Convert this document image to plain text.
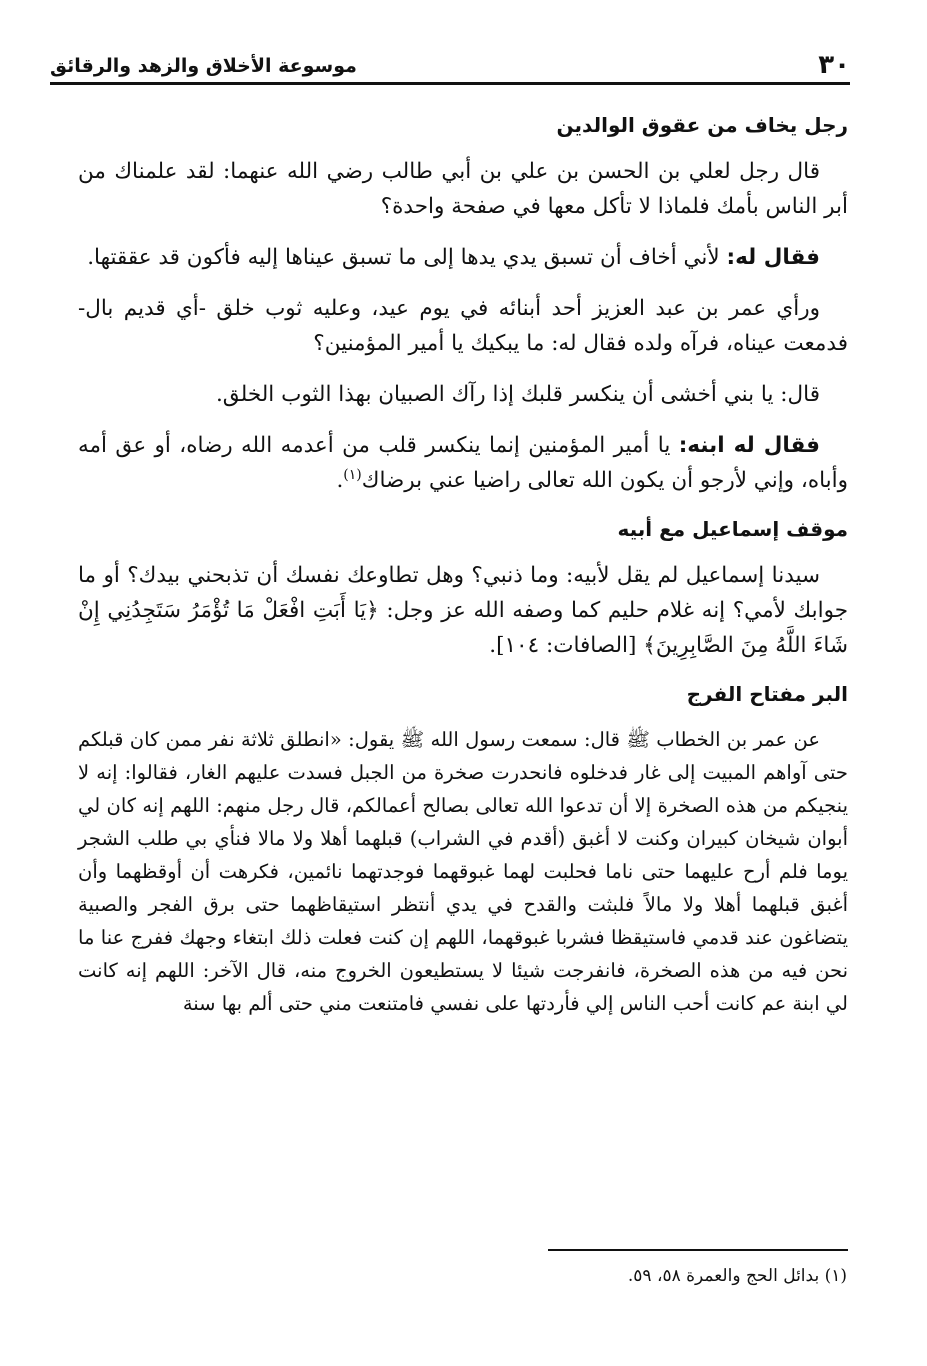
٣٠
موسوعة الأخلاق والزهد والرقائق
رجل يخاف من عقوق الوالدين

قال رجل لعلي بن الحسن بن علي بن أبي طالب رضي الله عنهما: لقد علمناك من أبر الناس بأمك فلماذا لا تأكل معها في صفحة واحدة؟

فقال له: لأني أخاف أن تسبق يدي يدها إلى ما تسبق عيناها إليه فأكون قد عققتها.

ورأي عمر بن عبد العزيز أحد أبنائه في يوم عيد، وعليه ثوب خلق -أي قديم بال- فدمعت عيناه، فرآه ولده فقال له: ما يبكيك يا أمير المؤمنين؟

قال: يا بني أخشى أن ينكسر قلبك إذا رآك الصبيان بهذا الثوب الخلق.

فقال له ابنه: يا أمير المؤمنين إنما ينكسر قلب من أعدمه الله رضاه، أو عق أمه وأباه، وإني لأرجو أن يكون الله تعالى راضيا عني برضاك$^{(١)}$.

موقف إسماعيل مع أبيه

سيدنا إسماعيل لم يقل لأبيه: وما ذنبي؟ وهل تطاوعك نفسك أن تذبحني بيدك؟ أو ما جوابك لأمي؟ إنه غلام حليم كما وصفه الله عز وجل: ﴿يَا أَبَتِ افْعَلْ مَا تُؤْمَرُ سَتَجِدُنِي إِنْ شَاءَ اللَّهُ مِنَ الصَّابِرِينَ﴾ [الصافات: ١٠٤].

البر مفتاح الفرج

عن عمر بن الخطاب ﷺ قال: سمعت رسول الله ﷺ يقول: «انطلق ثلاثة نفر ممن كان قبلكم حتى آواهم المبيت إلى غار فدخلوه فانحدرت صخرة من الجبل فسدت عليهم الغار، فقالوا: إنه لا ينجيكم من هذه الصخرة إلا أن تدعوا الله تعالى بصالح أعمالكم، قال رجل منهم: اللهم إنه كان لي أبوان شيخان كبيران وكنت لا أغبق (أقدم في الشراب) قبلهما أهلا ولا مالا فنأي بي طلب الشجر يوما فلم أرح عليهما حتى ناما فحلبت لهما غبوقهما فوجدتهما نائمين، فكرهت أن أوقظهما وأن أغبق قبلهما أهلا ولا مالاً فلبثت والقدح في يدي أنتظر استيقاظهما حتى برق الفجر والصبية يتضاغون عند قدمي فاستيقظا فشربا غبوقهما، اللهم إن كنت فعلت ذلك ابتغاء وجهك ففرج عنا ما نحن فيه من هذه الصخرة، فانفرجت شيئا لا يستطيعون الخروج منه، قال الآخر: اللهم إنه كانت لي ابنة عم كانت أحب الناس إلي فأردتها على نفسي فامتنعت مني حتى ألم بها سنة

(١) بدائل الحج والعمرة ٥٨، ٥٩.
